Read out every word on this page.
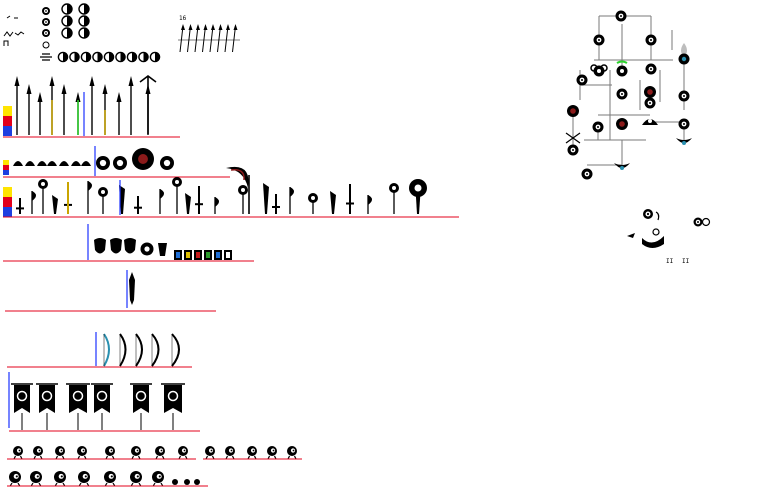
16
II II
